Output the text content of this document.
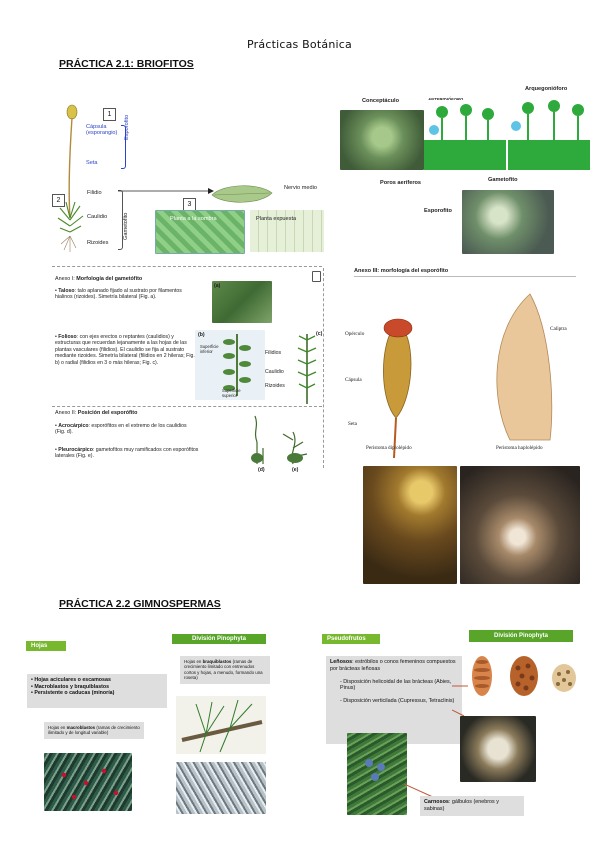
Prácticas Botánica
PRÁCTICA 2.1: BRIOFITOS
1
2
3
Cápsula
(esporangio)
Seta
Esporofito
Filidio
Caulidio
Rizoides
Gametofito
Nervio medio
Planta a la sombra	Planta expuesta
Conceptáculo
Arquegonióforo
Poros aeríferos	Gametofito
Esporofito
Anexo I: Morfología del gametófito
• Taloso: talo aplanado fijado al sustrato por filamentos hialinos (rizoides). Simetría bilateral (Fig. a).
• Folioso: con ejes erectos o reptantes (caulidios) y estructuras que recuerdan lejanamente a las hojas de las plantas vasculares (filidios). El caulidio se fija al sustrato mediante rizoides. Simetría bilateral (filidios en 2 hileras; Fig. b) o radial (filidios en 3 o más hileras; Fig. c).
(a)
(b)
Superficie
inferior
Superficie
superior
(c)
Filidios
Caulidio
Rizoides
Anexo II: Posición del esporófito
• Acrocárpico: esporófitos en el extremo de los caulidios (Fig. d).
• Pleurocárpico: gametofitos muy ramificados con esporófitos laterales (Fig. e).
(d)	(e)
Anexo III: morfología del esporófito
Opérculo
Cápsula
Seta
Caliptra
Peristoma diplolépido	Peristoma haplolépido
PRÁCTICA 2.2 GIMNOSPERMAS
Hojas
División Pinophyta
• Hojas aciculares o escamosas
• Macroblastos y braquiblastos
• Persistente o caducas (minoría)
Hojas en macroblastos (ramas de crecimiento ilimitado y de longitud variable)
Hojas en braquiblastos (ramas de crecimiento limitado con entrenudos cortos y hojas, a menudo, formando una roseta)
Pseudofrutos	División Pinophyta
Leñosos: estróbilos o conos femeninos compuestos por brácteas leñosas
- Disposición helicoidal de las brácteas (Abies, Pinus)
- Disposición verticilada (Cupressus, Tetraclinis)
Carnosos: gálbulos (enebros y sabinas)
